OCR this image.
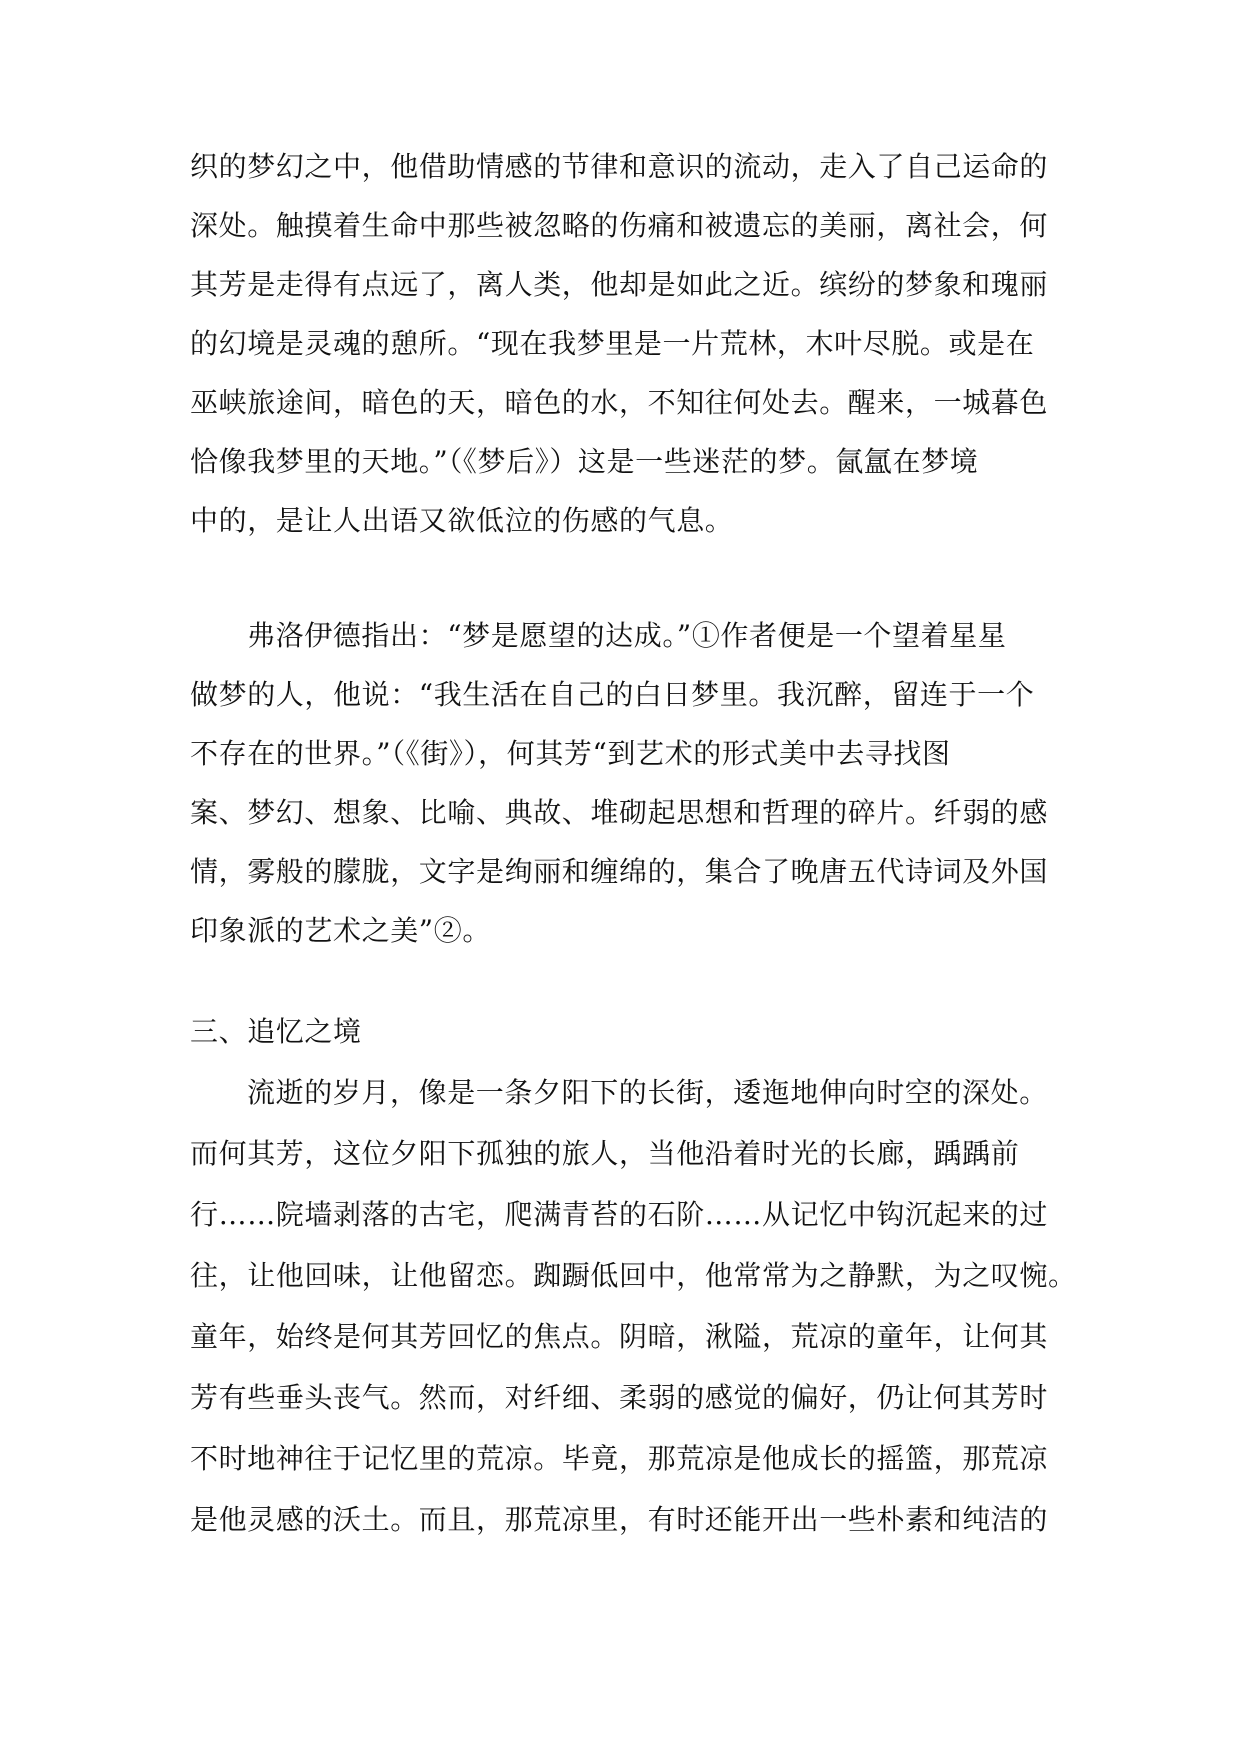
织的梦幻之中，他借助情感的节律和意识的流动，走入了自己运命的
深处。触摸着生命中那些被忽略的伤痛和被遗忘的美丽，离社会，何
其芳是走得有点远了，离人类，他却是如此之近。缤纷的梦象和瑰丽
的幻境是灵魂的憩所。“现在我梦里是一片荒林，木叶尽脱。或是在
巫峡旅途间，暗色的天，暗色的水，不知往何处去。醒来，一城暮色
恰像我梦里的天地。”（《梦后》）这是一些迷茫的梦。氤氲在梦境
中的，是让人出语又欲低泣的伤感的气息。
弗洛伊德指出：“梦是愿望的达成。”①作者便是一个望着星星
做梦的人，他说：“我生活在自己的白日梦里。我沉醉，留连于一个
不存在的世界。”（《街》），何其芳“到艺术的形式美中去寻找图
案、梦幻、想象、比喻、典故、堆砌起思想和哲理的碎片。纤弱的感
情，雾般的朦胧，文字是绚丽和缠绵的，集合了晚唐五代诗词及外国
印象派的艺术之美”②。
三、追忆之境
流逝的岁月，像是一条夕阳下的长街，逶迤地伸向时空的深处。
而何其芳，这位夕阳下孤独的旅人，当他沿着时光的长廊，踽踽前
行……院墙剥落的古宅，爬满青苔的石阶……从记忆中钩沉起来的过
往，让他回味，让他留恋。踟蹰低回中，他常常为之静默，为之叹惋。
童年，始终是何其芳回忆的焦点。阴暗，湫隘，荒凉的童年，让何其
芳有些垂头丧气。然而，对纤细、柔弱的感觉的偏好，仍让何其芳时
不时地神往于记忆里的荒凉。毕竟，那荒凉是他成长的摇篮，那荒凉
是他灵感的沃土。而且，那荒凉里，有时还能开出一些朴素和纯洁的
